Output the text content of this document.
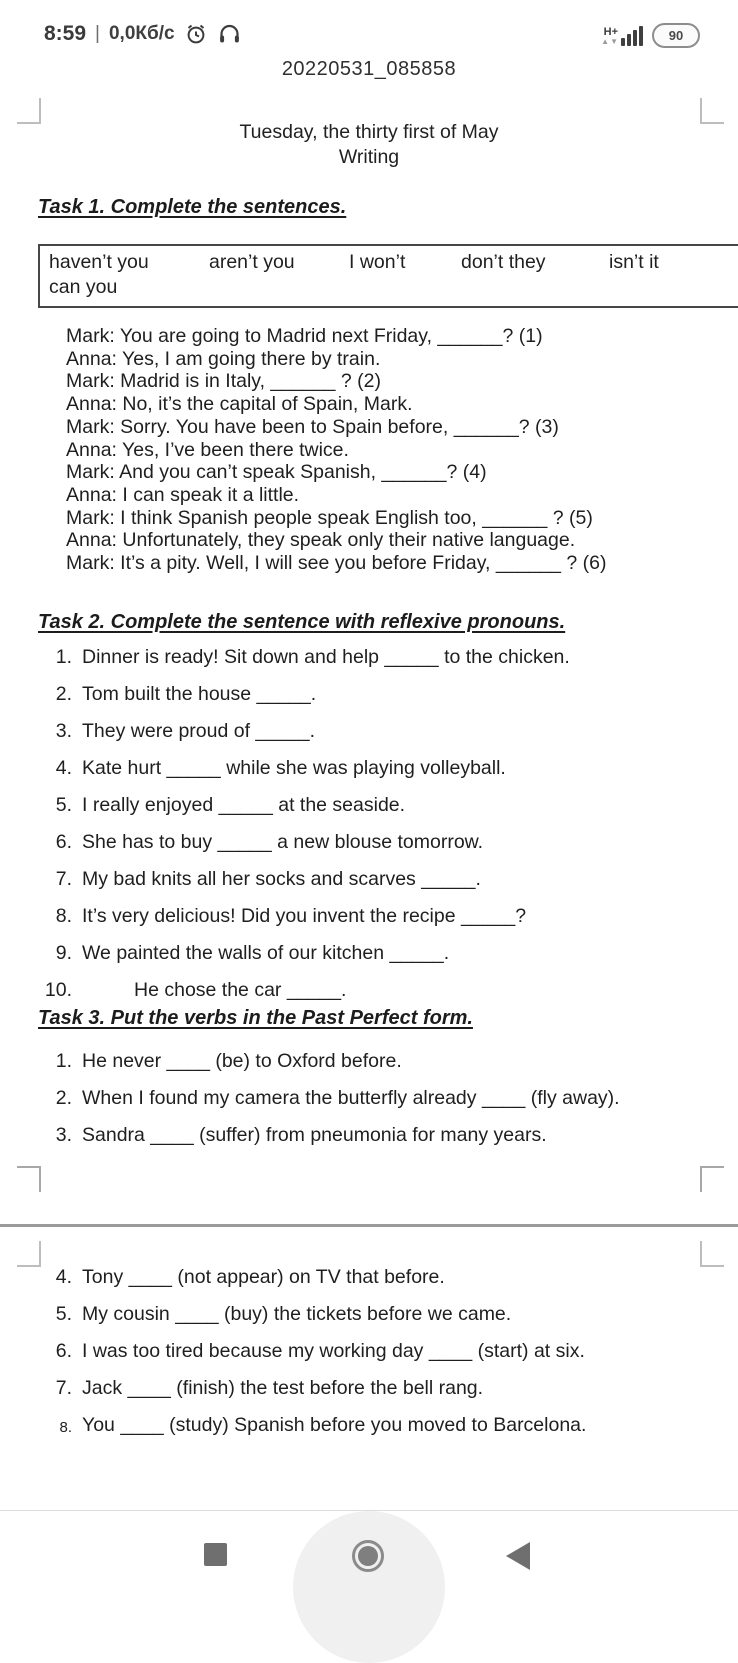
8:59 | 0,0Кб/с	H+
▲ ▼	90
20220531_085858
Tuesday, the thirty first of May
Writing
Task 1. Complete the sentences.
haven’t you	aren’t you	I won’t	don’t they	isn’t it
can you
Mark: You are going to Madrid next Friday, ______? (1)
Anna: Yes, I am going there by train.
Mark: Madrid is in Italy, ______ ? (2)
Anna: No, it’s the capital of Spain, Mark.
Mark: Sorry. You have been to Spain before, ______? (3)
Anna: Yes, I’ve been there twice.
Mark: And you can’t speak Spanish, ______? (4)
Anna: I can speak it a little.
Mark: I think Spanish people speak English too, ______ ? (5)
Anna: Unfortunately, they speak only their native language.
Mark: It’s a pity. Well, I will see you before Friday, ______ ? (6)
Task 2. Complete the sentence with reflexive pronouns.
1. Dinner is ready! Sit down and help _____ to the chicken.
2. Tom built the house _____.
3. They were proud of _____.
4. Kate hurt _____ while she was playing volleyball.
5. I really enjoyed _____ at the seaside.
6. She has to buy _____ a new blouse tomorrow.
7. My bad knits all her socks and scarves _____.
8. It’s very delicious! Did you invent the recipe _____?
9. We painted the walls of our kitchen _____.
10.	He chose the car _____.
Task 3. Put the verbs in the Past Perfect form.
1. He never ____ (be) to Oxford before.
2. When I found my camera the butterfly already ____ (fly away).
3. Sandra ____ (suffer) from pneumonia for many years.
4. Tony ____ (not appear) on TV that before.
5. My cousin ____ (buy) the tickets before we came.
6. I was too tired because my working day ____ (start) at six.
7. Jack ____ (finish) the test before the bell rang.
8. You ____ (study) Spanish before you moved to Barcelona.
